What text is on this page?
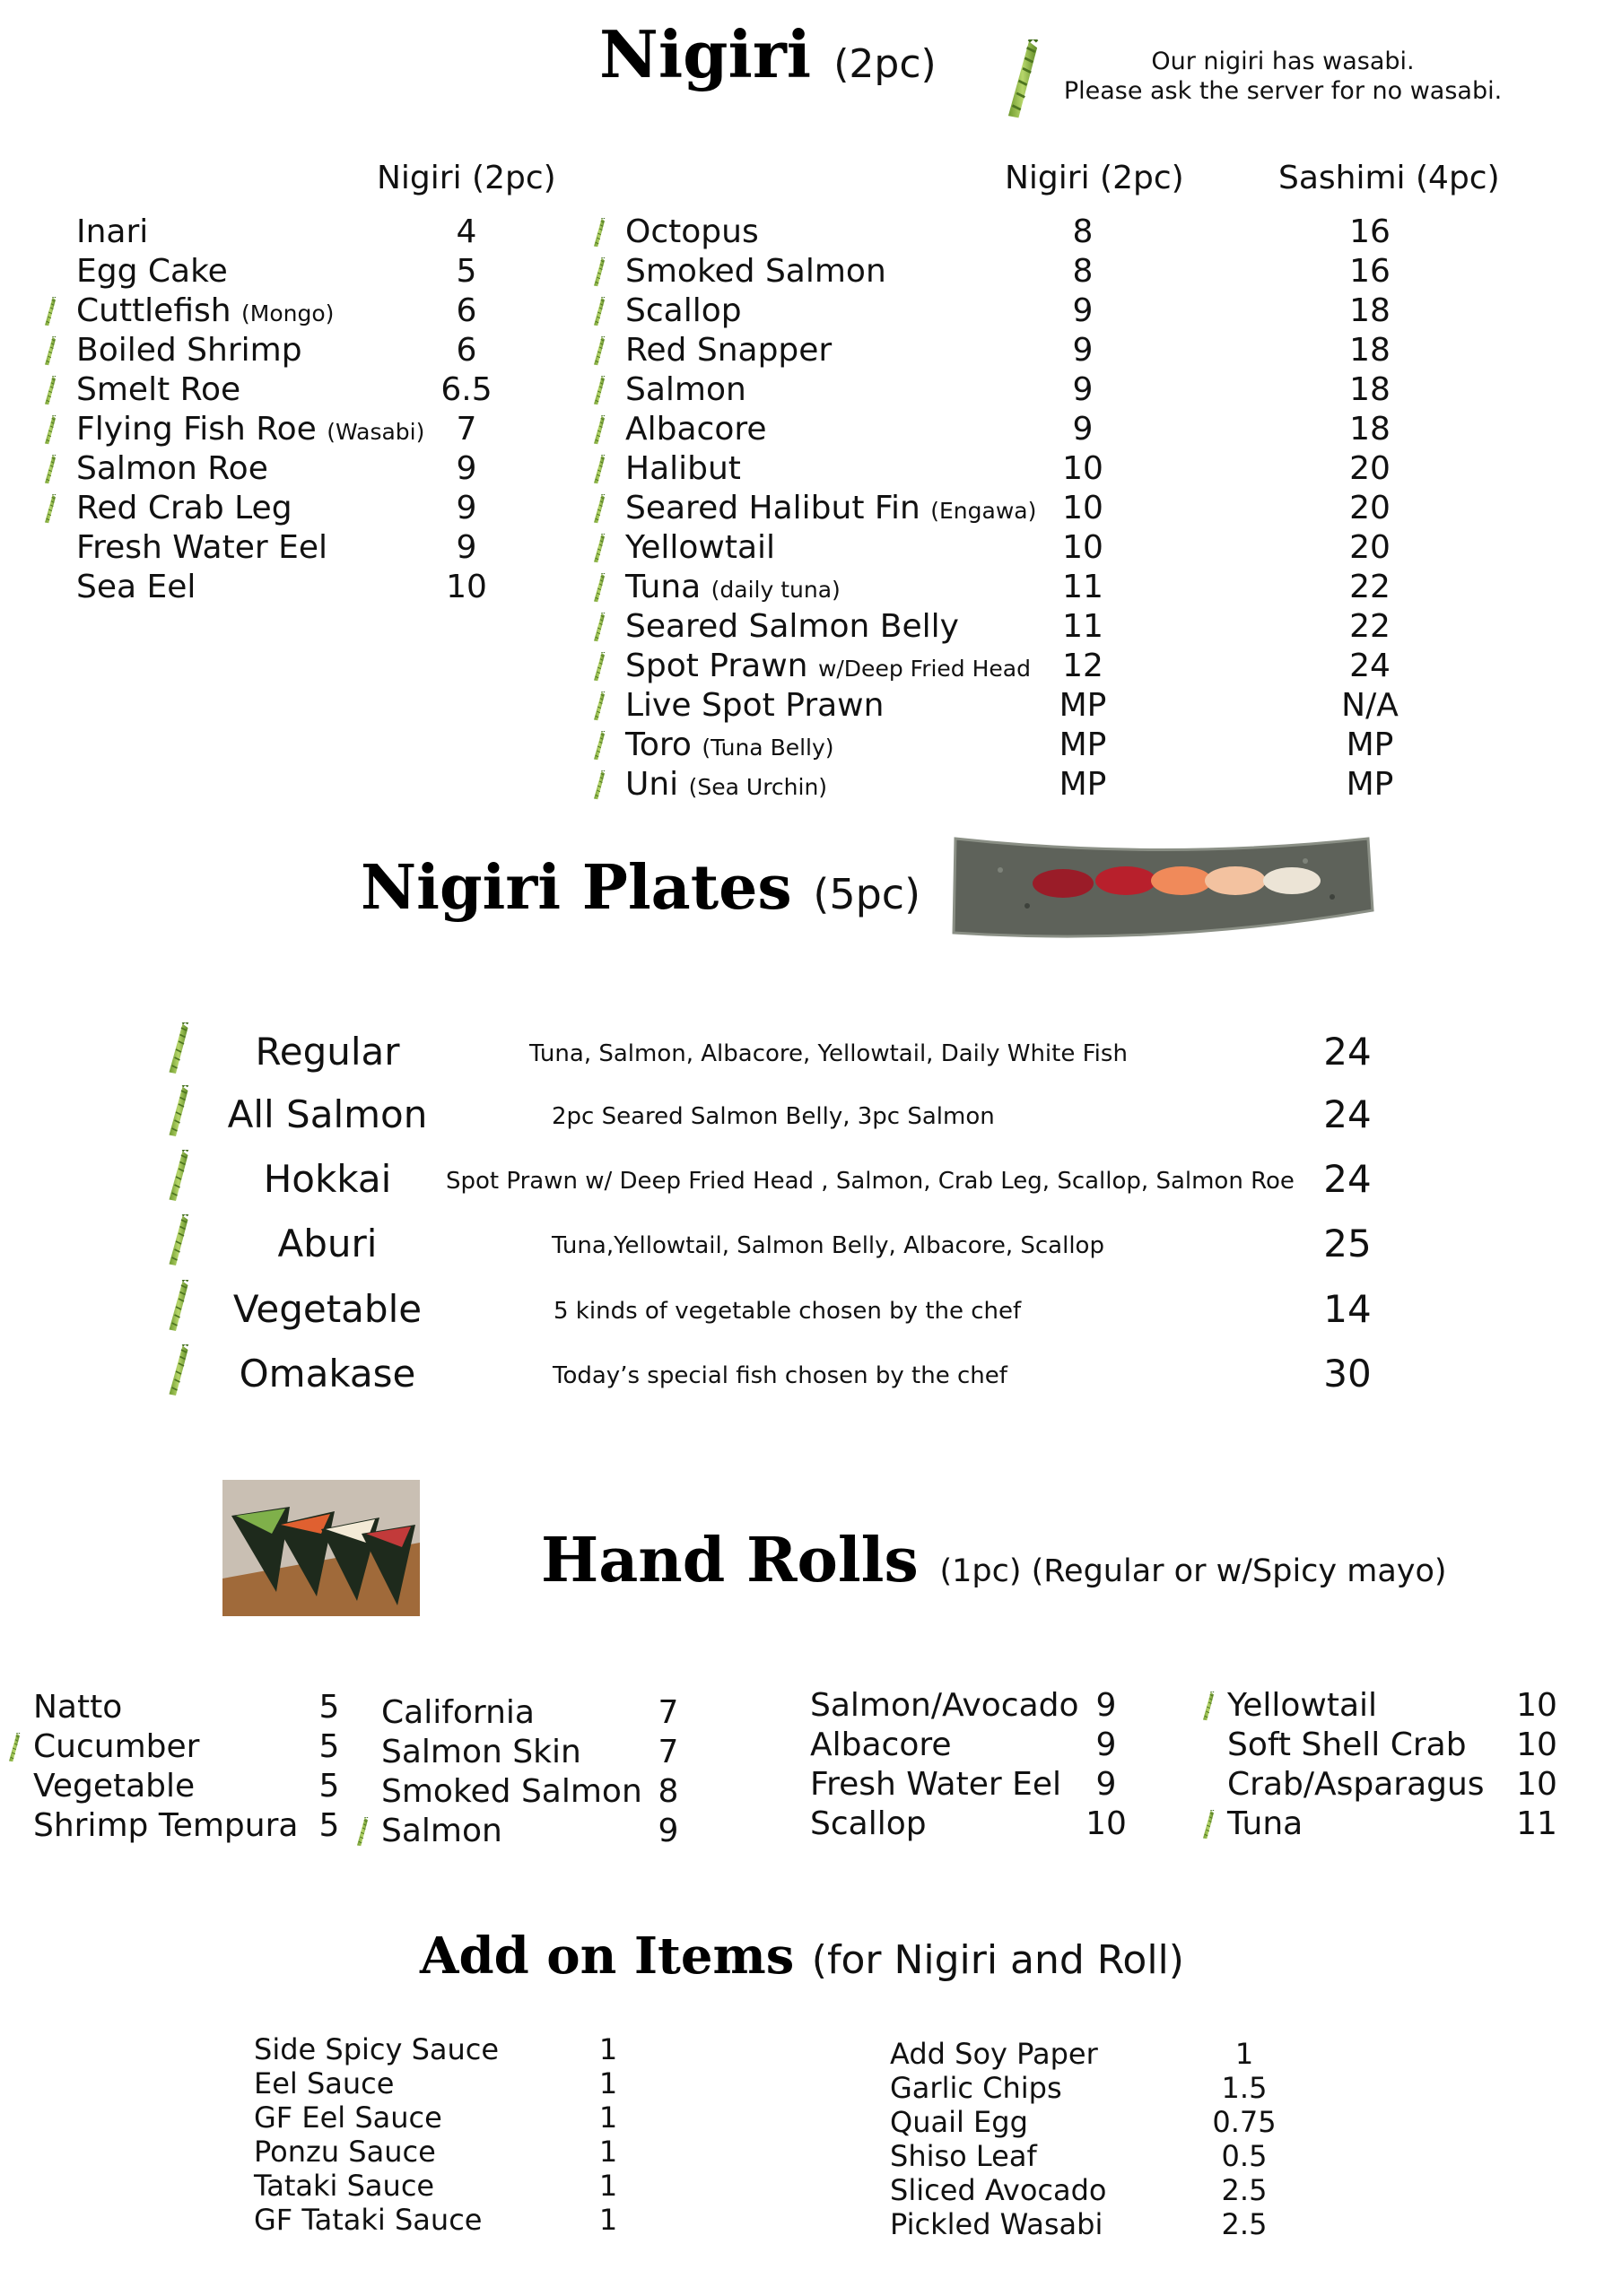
Nigiri (2pc)	Our nigiri has wasabi.
Please ask the server for no wasabi.
Nigiri (2pc)	Nigiri (2pc)	Sashimi (4pc)
Inari	4
Egg Cake	5
Cuttlefish (Mongo)	6
Boiled Shrimp	6
Smelt Roe	6.5
Flying Fish Roe (Wasabi) 7
Salmon Roe	9
Red Crab Leg	9
Fresh Water Eel	9
Sea Eel	10
Octopus	8	16
Smoked Salmon	8	16
Scallop	9	18
Red Snapper	9	18
Salmon	9	18
Albacore	9	18
Halibut	10	20
Seared Halibut Fin (Engawa) 10	20
Yellowtail	10	20
Tuna (daily tuna)	11	22
Seared Salmon Belly	11	22
Spot Prawn w/Deep Fried Head 12	24
Live Spot Prawn	MP	N/A
Toro (Tuna Belly)	MP	MP
Uni (Sea Urchin)	MP	MP
Nigiri Plates (5pc)
Regular	Tuna, Salmon, Albacore, Yellowtail, Daily White Fish	24
All Salmon	2pc Seared Salmon Belly, 3pc Salmon	24
Hokkai	Spot Prawn w/ Deep Fried Head , Salmon, Crab Leg, Scallop, Salmon Roe 24
Aburi	Tuna,Yellowtail, Salmon Belly, Albacore, Scallop	25
Vegetable	5 kinds of vegetable chosen by the chef	14
Omakase	Today’s special fish chosen by the chef	30
Hand Rolls (1pc) (Regular or w/Spicy mayo)
Natto	5
Cucumber	5
Vegetable	5
Shrimp Tempura 5
California	7
Salmon Skin	7
Smoked Salmon 8
Salmon	9
Salmon/Avocado 9
Albacore	9
Fresh Water Eel	9
Scallop	10
Yellowtail	10
Soft Shell Crab 10
Crab/Asparagus 10
Tuna	11
Add on Items (for Nigiri and Roll)
Side Spicy Sauce	1
Eel Sauce	1
GF Eel Sauce	1
Ponzu Sauce	1
Tataki Sauce	1
GF Tataki Sauce	1
Add Soy Paper	1
Garlic Chips	1.5
Quail Egg	0.75
Shiso Leaf	0.5
Sliced Avocado	2.5
Pickled Wasabi	2.5
